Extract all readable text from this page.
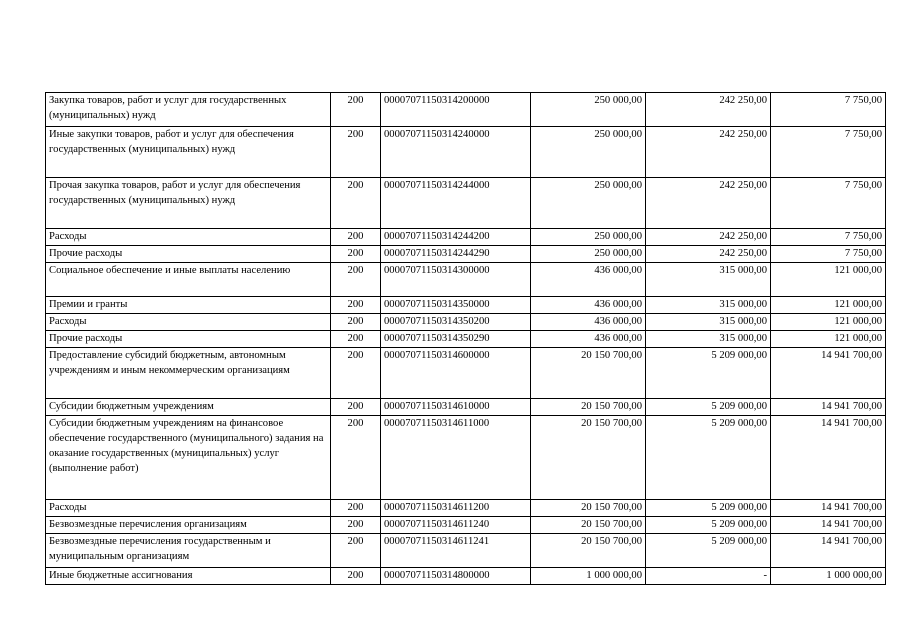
Закупка товаров, работ и услуг для государственных (муниципальных) нужд	200	00007071150314200000	250 000,00	242 250,00	7 750,00
Иные закупки товаров, работ и услуг для обеспечения государственных (муниципальных) нужд	200	00007071150314240000	250 000,00	242 250,00	7 750,00
Прочая закупка товаров, работ и услуг для обеспечения государственных (муниципальных) нужд	200	00007071150314244000	250 000,00	242 250,00	7 750,00
Расходы	200	00007071150314244200	250 000,00	242 250,00	7 750,00
Прочие расходы	200	00007071150314244290	250 000,00	242 250,00	7 750,00
Социальное обеспечение и иные выплаты населению	200	00007071150314300000	436 000,00	315 000,00	121 000,00
Премии и гранты	200	00007071150314350000	436 000,00	315 000,00	121 000,00
Расходы	200	00007071150314350200	436 000,00	315 000,00	121 000,00
Прочие расходы	200	00007071150314350290	436 000,00	315 000,00	121 000,00
Предоставление субсидий бюджетным, автономным учреждениям и иным некоммерческим организациям	200	00007071150314600000	20 150 700,00	5 209 000,00	14 941 700,00
Субсидии бюджетным учреждениям	200	00007071150314610000	20 150 700,00	5 209 000,00	14 941 700,00
Субсидии бюджетным учреждениям на финансовое обеспечение государственного (муниципального) задания на оказание государственных (муниципальных) услуг (выполнение работ)	200	00007071150314611000	20 150 700,00	5 209 000,00	14 941 700,00
Расходы	200	00007071150314611200	20 150 700,00	5 209 000,00	14 941 700,00
Безвозмездные перечисления организациям	200	00007071150314611240	20 150 700,00	5 209 000,00	14 941 700,00
Безвозмездные перечисления государственным и муниципальным организациям	200	00007071150314611241	20 150 700,00	5 209 000,00	14 941 700,00
Иные бюджетные ассигнования	200	00007071150314800000	1 000 000,00	-	1 000 000,00
